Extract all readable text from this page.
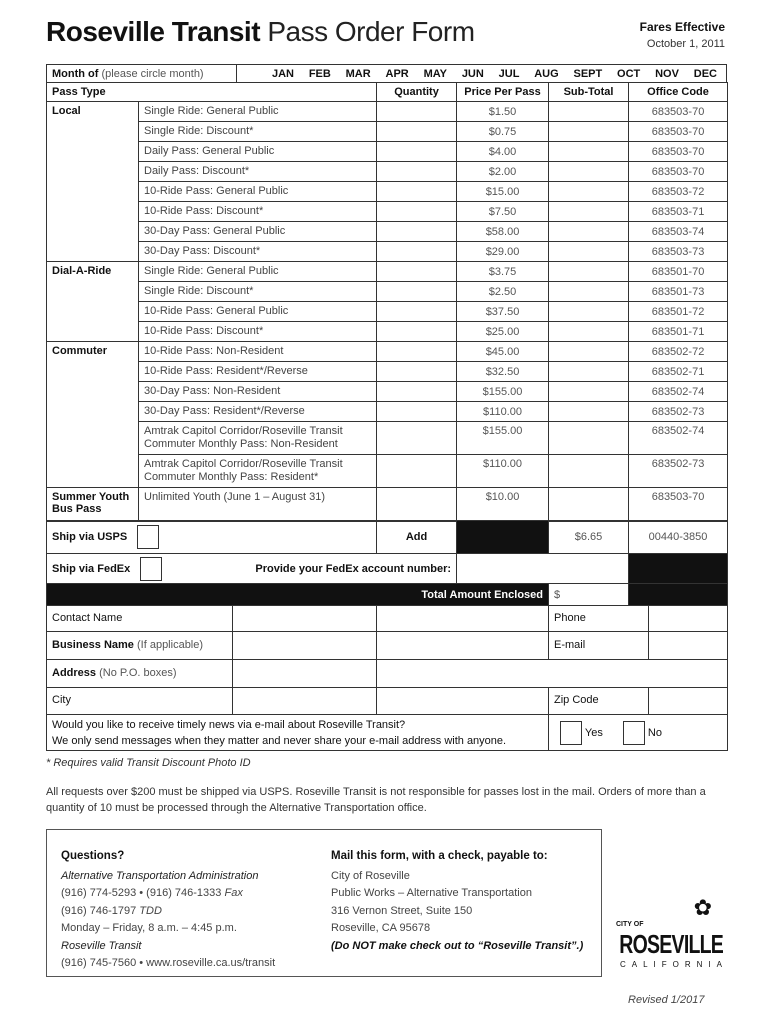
Roseville Transit Pass Order Form	Fares Effective
October 1, 2011
Month of (please circle month)	JAN FEB MAR APR MAY JUN JUL AUG SEPT OCT NOV DEC
Pass Type		Quantity	Price Per Pass	Sub-Total	Office Code
Local	Single Ride: General Public		$1.50		683503-70
	Single Ride: Discount*		$0.75		683503-70
	Daily Pass: General Public		$4.00		683503-70
	Daily Pass: Discount*		$2.00		683503-70
	10-Ride Pass: General Public		$15.00		683503-72
	10-Ride Pass: Discount*		$7.50		683503-71
	30-Day Pass: General Public		$58.00		683503-74
	30-Day Pass: Discount*		$29.00		683503-73
Dial-A-Ride	Single Ride: General Public		$3.75		683501-70
	Single Ride: Discount*		$2.50		683501-73
	10-Ride Pass: General Public		$37.50		683501-72
	10-Ride Pass: Discount*		$25.00		683501-71
Commuter	10-Ride Pass: Non-Resident		$45.00		683502-72
	10-Ride Pass: Resident*/Reverse		$32.50		683502-71
	30-Day Pass: Non-Resident		$155.00		683502-74
	30-Day Pass: Resident*/Reverse		$110.00		683502-73
	Amtrak Capitol Corridor/Roseville Transit Commuter Monthly Pass: Non-Resident		$155.00		683502-74
	Amtrak Capitol Corridor/Roseville Transit Commuter Monthly Pass: Resident*		$110.00		683502-73
Summer Youth Bus Pass	Unlimited Youth (June 1 – August 31)		$10.00		683503-70
Ship via USPS	Add		$6.65	00440-3850

Ship via FedEx Provide your FedEx account number:				

Total Amount Enclosed			$	

Contact Name			Phone	

Business Name (If applicable)			E-mail	

Address (No P.O. boxes)				

City			Zip Code	

Would you like to receive timely news via e-mail about Roseville Transit?
We only send messages when they matter and never share your e-mail address with anyone.			Yes No	
* Requires valid Transit Discount Photo ID
All requests over $200 must be shipped via USPS. Roseville Transit is not responsible for passes lost in the mail. Orders of more than a quantity of 10 must be processed through the Alternative Transportation office.
Questions?
Alternative Transportation Administration
(916) 774-5293 • (916) 746-1333 Fax
(916) 746-1797 TDD
Monday – Friday, 8 a.m. – 4:45 p.m.
Roseville Transit
(916) 745-7560 • www.roseville.ca.us/transit
Mail this form, with a check, payable to:
City of Roseville
Public Works – Alternative Transportation
316 Vernon Street, Suite 150
Roseville, CA 95678
(Do NOT make check out to “Roseville Transit”.)
✿
CITY OF
ROSEVILLE
CALIFORNIA
Revised 1/2017
